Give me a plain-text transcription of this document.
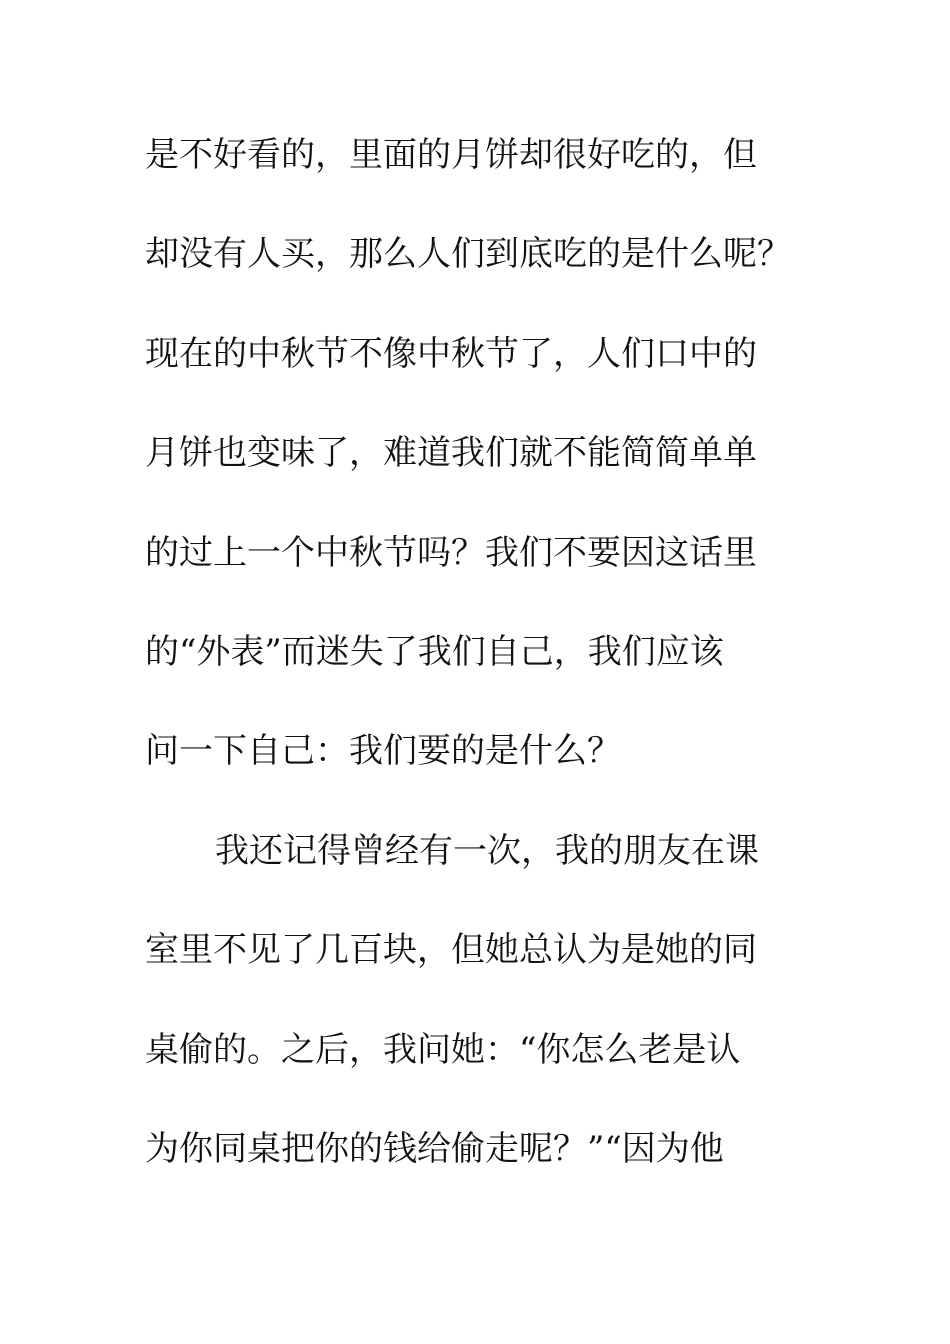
是不好看的，里面的月饼却很好吃的，但
却没有人买，那么人们到底吃的是什么呢？
现在的中秋节不像中秋节了，人们口中的
月饼也变味了，难道我们就不能简简单单
的过上一个中秋节吗？我们不要因这话里
的“外表”而迷失了我们自己，我们应该
问一下自己：我们要的是什么？
我还记得曾经有一次，我的朋友在课
室里不见了几百块，但她总认为是她的同
桌偷的。之后，我问她：“你怎么老是认
为你同桌把你的钱给偷走呢？”“因为他
